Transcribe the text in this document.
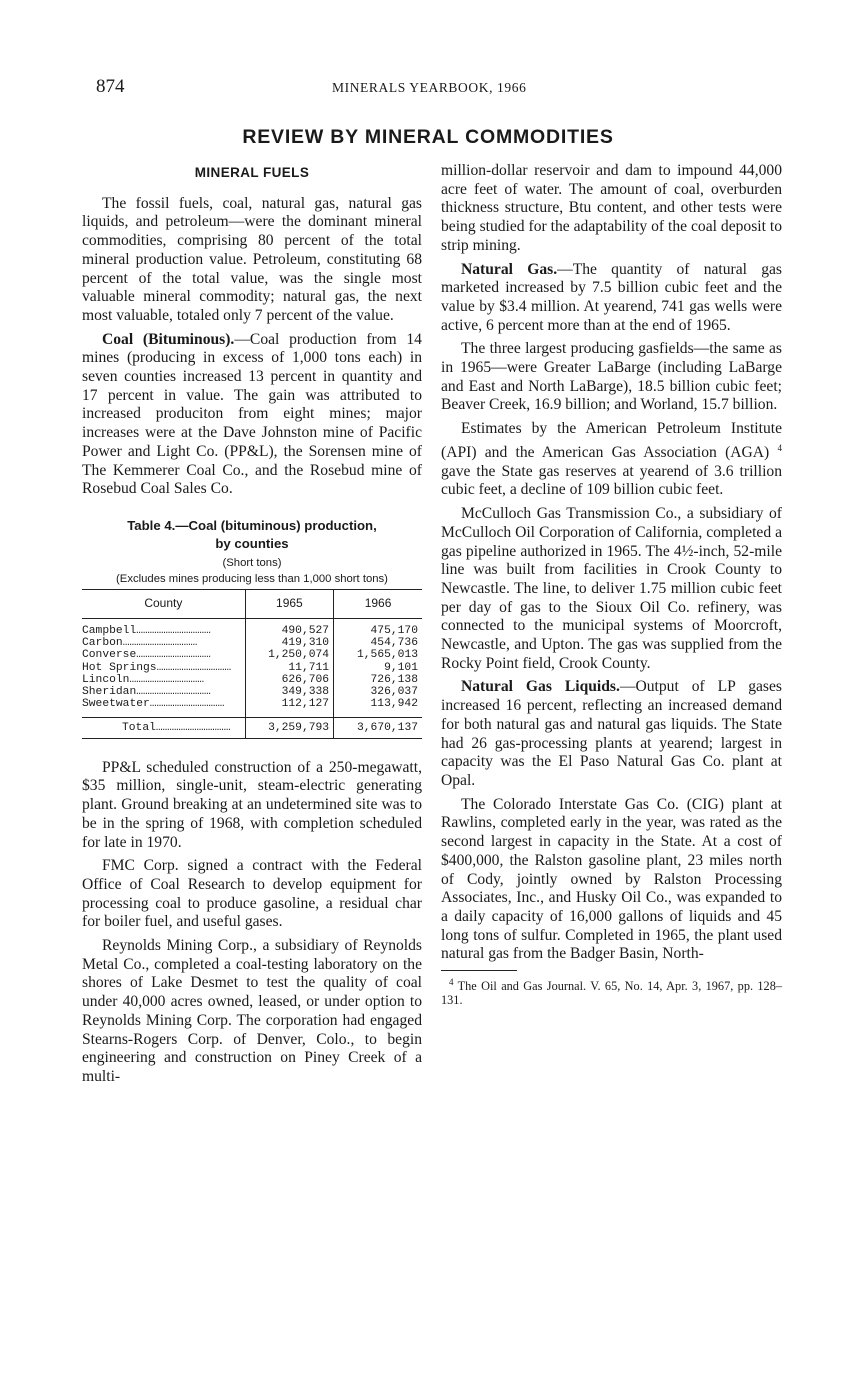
874	MINERALS YEARBOOK, 1966
REVIEW BY MINERAL COMMODITIES
MINERAL FUELS

The fossil fuels, coal, natural gas, natural gas liquids, and petroleum—were the dominant mineral commodities, comprising 80 percent of the total mineral production value. Petroleum, constituting 68 percent of the total value, was the single most valuable mineral commodity; natural gas, the next most valuable, totaled only 7 percent of the value.

Coal (Bituminous).—Coal production from 14 mines (producing in excess of 1,000 tons each) in seven counties increased 13 percent in quantity and 17 percent in value. The gain was attributed to increased produciton from eight mines; major increases were at the Dave Johnston mine of Pacific Power and Light Co. (PP&L), the Sorensen mine of The Kemmerer Coal Co., and the Rosebud mine of Rosebud Coal Sales Co.

Table 4.—Coal (bituminous) production,
by counties
(Short tons)
(Excludes mines producing less than 1,000 short tons)
County	1965	1966
Campbell……………………………	490,527	475,170
Carbon……………………………	419,310	454,736
Converse……………………………	1,250,074	1,565,013
Hot Springs……………………………	11,711	9,101
Lincoln……………………………	626,706	726,138
Sheridan……………………………	349,338	326,037
Sweetwater……………………………	112,127	113,942
Total……………………………	3,259,793	3,670,137

PP&L scheduled construction of a 250-megawatt, $35 million, single-unit, steam-electric generating plant. Ground breaking at an undetermined site was to be in the spring of 1968, with completion scheduled for late in 1970.

FMC Corp. signed a contract with the Federal Office of Coal Research to develop equipment for processing coal to produce gasoline, a residual char for boiler fuel, and useful gases.

Reynolds Mining Corp., a subsidiary of Reynolds Metal Co., completed a coal-testing laboratory on the shores of Lake Desmet to test the quality of coal under 40,000 acres owned, leased, or under option to Reynolds Mining Corp. The corporation had engaged Stearns-Rogers Corp. of Denver, Colo., to begin engineering and construction on Piney Creek of a multi-

million-dollar reservoir and dam to impound 44,000 acre feet of water. The amount of coal, overburden thickness structure, Btu content, and other tests were being studied for the adaptability of the coal deposit to strip mining.

Natural Gas.—The quantity of natural gas marketed increased by 7.5 billion cubic feet and the value by $3.4 million. At yearend, 741 gas wells were active, 6 percent more than at the end of 1965.

The three largest producing gasfields—the same as in 1965—were Greater LaBarge (including LaBarge and East and North LaBarge), 18.5 billion cubic feet; Beaver Creek, 16.9 billion; and Worland, 15.7 billion.

Estimates by the American Petroleum Institute (API) and the American Gas Association (AGA) $^4$ gave the State gas reserves at yearend of 3.6 trillion cubic feet, a decline of 109 billion cubic feet.

McCulloch Gas Transmission Co., a subsidiary of McCulloch Oil Corporation of California, completed a gas pipeline authorized in 1965. The 4½-inch, 52-mile line was built from facilities in Crook County to Newcastle. The line, to deliver 1.75 million cubic feet per day of gas to the Sioux Oil Co. refinery, was connected to the municipal systems of Moorcroft, Newcastle, and Upton. The gas was supplied from the Rocky Point field, Crook County.

Natural Gas Liquids.—Output of LP gases increased 16 percent, reflecting an increased demand for both natural gas and natural gas liquids. The State had 26 gas-processing plants at yearend; largest in capacity was the El Paso Natural Gas Co. plant at Opal.

The Colorado Interstate Gas Co. (CIG) plant at Rawlins, completed early in the year, was rated as the second largest in capacity in the State. At a cost of $400,000, the Ralston gasoline plant, 23 miles north of Cody, jointly owned by Ralston Processing Associates, Inc., and Husky Oil Co., was expanded to a daily capacity of 16,000 gallons of liquids and 45 long tons of sulfur. Completed in 1965, the plant used natural gas from the Badger Basin, North-

$^4$ The Oil and Gas Journal. V. 65, No. 14, Apr. 3, 1967, pp. 128–131.
